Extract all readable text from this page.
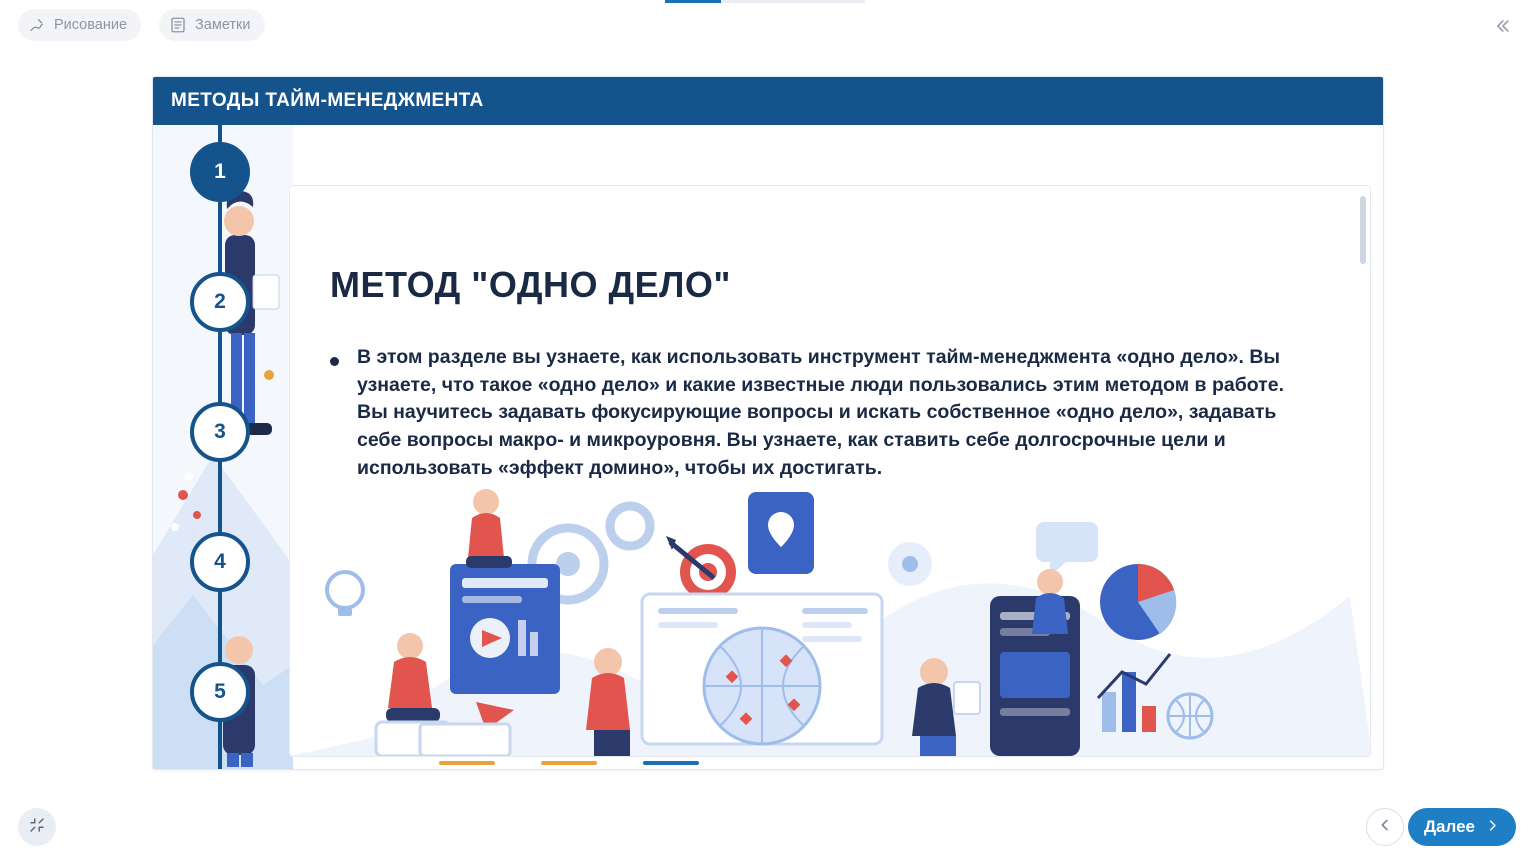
Рисование	Заметки
МЕТОДЫ ТАЙМ-МЕНЕДЖМЕНТА
1
2
3
4
5
МЕТОД "ОДНО ДЕЛО"
В этом разделе вы узнаете, как использовать инструмент тайм-менеджмента «одно дело». Вы узнаете, что такое «одно дело» и какие известные люди пользовались этим методом в работе. Вы научитесь задавать фокусирующие вопросы и искать собственное «одно дело», задавать себе вопросы макро- и микроуровня. Вы узнаете, как ставить себе долгосрочные цели и использовать «эффект домино», чтобы их достигать.
Далее
